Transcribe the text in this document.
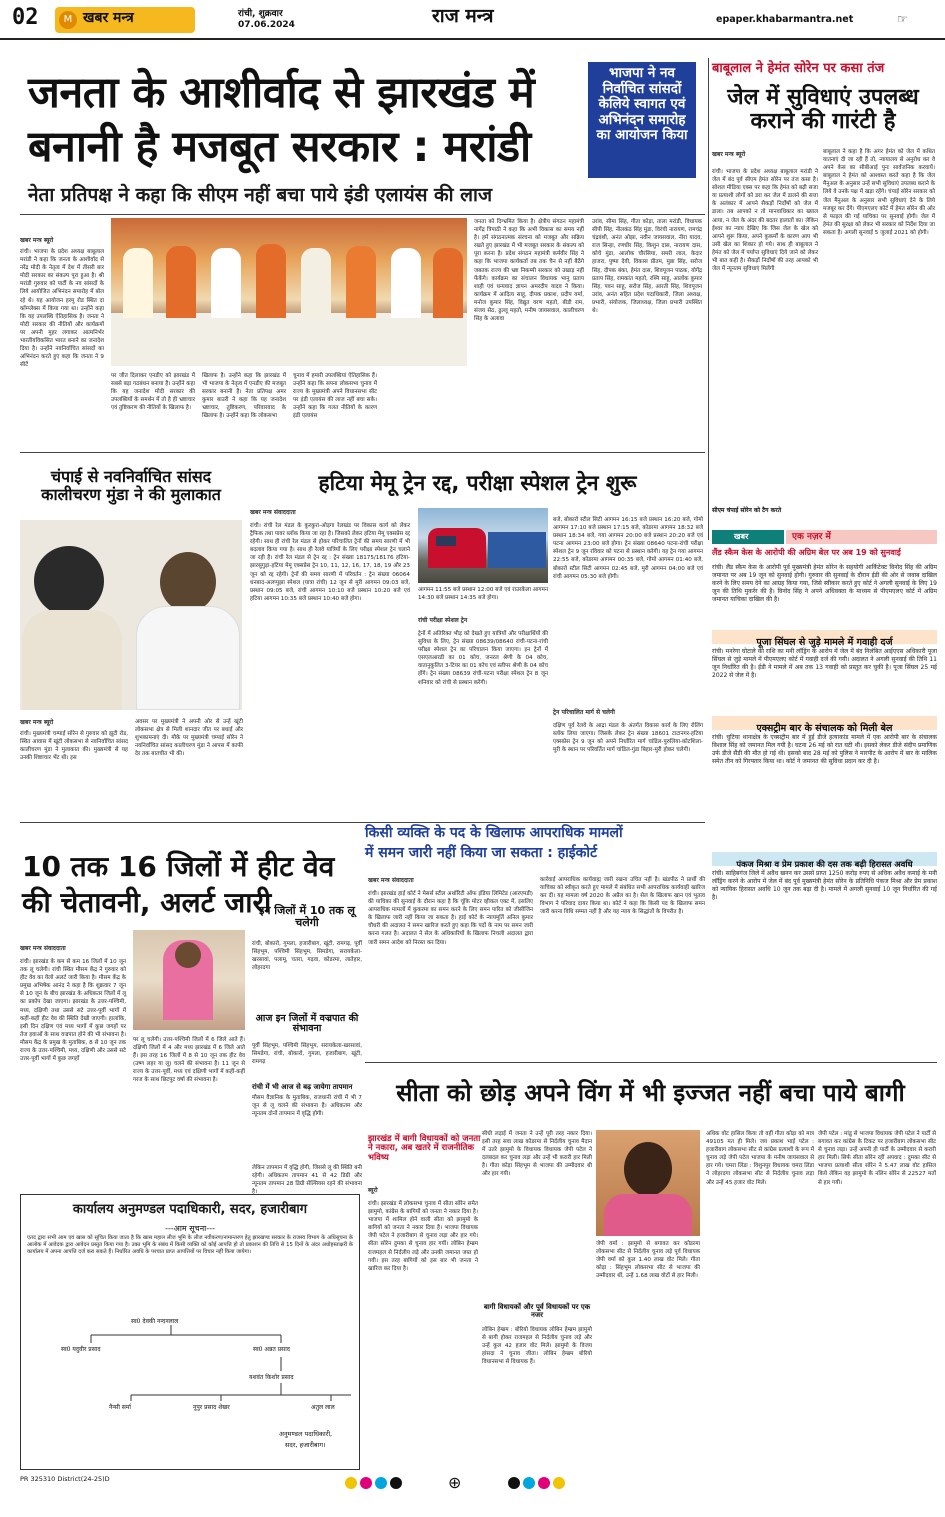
02	M खबर मन्त्र	रांची, शुक्रवार
07.06.2024	राज मन्त्र	epaper.khabarmantra.net	☞
जनता के आशीर्वाद से झारखंड में
बनानी है मजबूत सरकार : मरांडी
भाजपा ने नव निर्वाचित सांसदों केलिये स्वागत एवं अभिनंदन समारोह का आयोजन किया
नेता प्रतिपक्ष ने कहा कि सीएम नहीं बचा पाये इंडी एलायंस की लाज
खबर मन्त्र ब्यूरो
रांची। भाजपा के प्रदेश अध्यक्ष बाबूलाल मरांडी ने कहा कि जनता के आशीर्वाद से नरेंद्र मोदी के नेतृत्व में देश में तीसरी बार मोदी सरकार का संकल्प पूरा हुआ है। श्री मरांडी गुरुवार को पार्टी के नव सांसदों के लिये आयोजित अभिनंदन समारोह में बोल रहे थे। यह आयोजन हरमू रोड स्थित दा कॉम्प्लेक्स में किया गया था। उन्होंने कहा कि यह उपलब्धि ऐतिहासिक है। जनता ने मोदी सरकार की नीतियों और कार्यक्रमों पर अपनी मुहर लगाकर आत्मनिर्भर भारतीयविकसित भारत बनाने का जनादेश दिया है। उन्होंने नवनिर्वाचित सांसदों का अभिनंदन करते हुए कहा कि जनता ने 9 सीटें
पर जीत दिलाकर एनडीए को झारखंड में सबसे बड़ा गठबंधन बनाया है। उन्होंने कहा कि यह जनादेश मोदी सरकार की उपलब्धियों के समर्थन में तो है ही भ्रष्टाचार एवं तुष्टिकरण की नीतियों के खिलाफ है।
खिलाफ है। उन्होंने कहा कि झारखंड में भी भाजपा के नेतृत्व में एनडीए की मजबूत सरकार बनानी है। नेता प्रतिपक्ष अमर कुमार बाउरी ने कहा कि यह जनादेश भ्रष्टाचार, तुष्टिकरण, परिवारवाद के खिलाफ है। उन्होंने कहा कि लोकसभा
चुनाव में हमारी उपलब्धियां ऐतिहासिक हैं। उन्होंने कहा कि सपना लोकसभा चुनाव में राज्य के मुख्यमंत्री अपने विधानसभा सीट पर इंडी एलायंस की लाज नहीं बचा सके। उन्होंने कहा कि गलत नीतियों के कारण इंडी एलायंस
जनता को दिग्भ्रमित किया है। क्षेत्रीय संगठन महामंत्री नागेंद्र त्रिपाठी ने कहा कि अभी विकास का समय नहीं है। हमें संगठनात्मक संरचना को मजबूत और सक्रिय रखते हुए झारखंड में भी मजबूत सरकार के संकल्प को पूरा करना है। प्रदेश संगठन महामंत्री कर्मवीर सिंह ने कहा कि भाजपा कार्यकर्ता तब तक चैन से नहीं बैठेंगे जबतक राज्य की भ्रष्ट निकम्मी सरकार को उखाड़ नहीं फेंकेंगे। कार्यक्रम का संचालन विधायक भानु प्रताप शाही एवं धन्यवाद ज्ञापन अमरदीप यादव ने किया। कार्यक्रम में आदित्य साहू, दीपक प्रकाश, प्रदीप वर्मा, मनोज कुमार सिंह, विद्युत वरण महतो, बीडी राम, संजय सेठ, ढुल्लू महतो, मनीष जायसवाल, कालीचरण सिंह के अलावा
उरांव, सीमा सिंह, गीता कोड़ा, ताला मरांडी, विधायक सीपी सिंह, नीलकंठ सिंह मुंडा, विरंची नारायण, रामचंद्र चंद्रवंशी, अनंत ओझा, नवीन जायसवाल, नीरा यादव, राज सिन्हा, रणधीर सिंह, किशुन दास, नारायण दास, कोचे मुंडा, आलोक चौरसिया, समरी लाल, केदार हाजरा, पुष्पा देवी, विकास प्रीतम, मुन्ना सिंह, सरोज सिंह, दीपक बंका, हेमंत दास, शिवपूजन पाठक, योगेंद्र प्रताप सिंह, रामकांत महतो, रश्मि साहू, आलोक कुमार सिंह, पवन साहू, सरोज सिंह, आरती सिंह, शिवपूजन उरांव, अनंत सहित प्रदेश पदाधिकारी, जिला अध्यक्ष, प्रभारी, संयोजक, जिलाध्यक्ष, जिला प्रभारी उपस्थित थे।
बाबूलाल ने हेमंत सोरेन पर कसा तंज
जेल में सुविधाएं उपलब्ध कराने की गारंटी है
खबर मन्त्र ब्यूरो
रांची। भाजपा के प्रदेश अध्यक्ष बाबूलाल मरांडी ने जेल में बंद पूर्व सीएम हेमंत सोरेन पर तंज कसा है। सोशल मीडिया एक्स पर कहा कि हेमंत को बढ़ी सजा या प्रत्याशी लोगों को डरा कर जेल में डालने की सत्ता के अलंकार में आपने सैकड़ों निर्दोषों को जेल में डाला। तब आपको न तो मानवाधिकार का ख्याल आया, न जेल के अंदर की बदतर हालातों का। लेकिन ईश्वर का न्याय देखिए कि जिस जेल के खेल को आपने शुरू किया, अपने कुकर्मों के कारण आप भी उसी खेल का शिकार हो गये। साथ ही बाबूलाल ने हेमंत को जेल में पर्याप्त सुविधाएं दिये जाने को लेकर भी बात कही है। सैकड़ों निर्दोषों की तरह आपको भी जेल में न्यूनतम सुविधाएं मिलेंगी
बाबूलाल ने कहा है कि अगर हेमंत को जेल में कथित यातनाएं दी जा रही हैं तो, न्यायालय से अनुरोध कर वे अपने केस का सीबीआई पुनः सार्वजनिक करवायें। बाबूलाल ने हेमंत को आश्वस्त करते कहा है कि जेल मैनुअल के अनुसार उन्हें सभी सुविधाएं उपलब्ध कराने के लिये वे उनके पक्ष में खड़ा रहेंगे। चंपाई सोरेन सरकार को जेल मैनुअल के अनुसार सभी सुविधाएं देने के लिये मजबूर कर देंगे। पीएमएलए कोर्ट में हेमंत सोरेन की ओर से फाइल की गई याचिका पर सुनवाई होगी। जेल में हेमंत की सुरक्षा को लेकर भी सरकार को निर्देश दिया जा सकता है। अगली सुनवाई 5 जुलाई 2021 को होगी।
सीएम चंपाई सोरेन को टैग करते
खबर	एक नज़र में
लैंड स्कैम केस के आरोपी की अग्रिम बेल पर अब 19 को सुनवाई
रांची। लैंड स्कैम केस के आरोपी पूर्व मुख्यमंत्री हेमंत सोरेन के सहयोगी आर्किटेक्ट विनोद सिंह की अग्रिम जमानत पर अब 19 जून को सुनवाई होगी। गुरुवार की सुनवाई के दौरान ईडी की ओर से जवाब दाखिल करने के लिए समय देने का आग्रह किया गया, जिसे स्वीकार करते हुए कोर्ट ने अगली सुनवाई के लिए 19 जून की तिथि मुकर्रर की है। विनोद सिंह ने अपने अधिवक्ता के माध्यम से पीएमएलए कोर्ट में अग्रिम जमानत याचिका दाखिल की है।
पूजा सिंघल से जुड़े मामले में गवाही दर्ज
रांची। मनरेगा घोटाले की राशि का मनी लॉड्रिंग के आरोप में जेल में बंद निलंबित आईएएस अधिकारी पूजा सिंघल से जुड़े मामले में पीएमएलए कोर्ट में गवाही दर्ज की गयी। अदालत ने अगली सुनवाई की तिथि 11 जून निर्धारित की है। ईडी ने मामले में अब तक 13 गवाही को प्रस्तुत कर चुकी है। पूजा सिंघल 25 मई 2022 से जेल में है।
एक्सट्रीम बार के संचालक को मिली बेल
रांची। चुटिया थानाक्षेत्र के एक्सट्रीम बार में हुई डीजे हत्याकांड मामले में एक आरोपी बार के संचालक विशाल सिंह को जमानत मिल गयी है। घटना 26 मई को रात घटी थी। इसको लेकर डीजे संदीप प्रमाणिक उर्फ डीजे सैंडी की मौत हो गई थी। इसको बाद 28 मई को पुलिस ने मारपीट के आरोप में बार के मालिक समेत तीन को गिरफ्तार किया था। कोर्ट ने जमानत की सुविधा प्रदान कर दी है।
पंकज मिश्रा व प्रेम प्रकाश की दस तक बढ़ी हिरासत अवधि
रांची। साहिबगंज जिले में अवैध खनन कर उससे प्राप्त 1250 करोड़ रुपए से अधिक अवैध कमाई के मनी लॉड्रिंग करने के आरोप में जेल में बंद पूर्व मुख्यमंत्री हेमंत सोरेन के प्रतिनिधि पंकज मिश्रा और प्रेम प्रकाश को न्यायिक हिरासत अवधि 10 जून तक बढ़ा दी है। मामले में अगली सुनवाई 10 जून निर्धारित की गई है।
चंपाई से नवनिर्वाचित सांसद कालीचरण मुंडा ने की मुलाकात
खबर मन्त्र ब्यूरो
रांची। मुख्यमंत्री चम्पाई सोरेन से गुरुवार को झूटी रोड, स्थित आवास में खूंटी लोकसभा से नवनिर्वाचित सांसद कालीचरण मुंडा ने मुलाकात की। मुख्यमंत्री से यह उनकी शिष्टाचार भेंट थी। इस
अवसर पर मुख्यमंत्री ने अपनी ओर से उन्हें खूंटी लोकसभा क्षेत्र से मिली शानदार जीत पर बधाई और शुभकामनाएं दी। मौके पर मुख्यमंत्री चम्पाई सोरेन ने नवनिर्वाचित सांसद कालीचरण मुंडा ने आपस में काफी देर तक बातचीत भी की।
हटिया मेमू ट्रेन रद्द, परीक्षा स्पेशल ट्रेन शुरू
खबर मन्त्र संवाददाता
रांची। रांची रेल मंडल के कुरकुरा-ओड़गा रेलखंड पर विकास कार्य को लेकर ट्रैफिक तथा पावर ब्लॉक किया जा रहा है। जिसको लेकर हटिया मेमू एक्सप्रेस रद्द रहेगी। साथ ही रांची रेल मंडल से होकर परिचालित ट्रेनों की समय सारणी में भी बदलाव किया गया है। साथ ही रेलवे यात्रियों के लिए परीक्षा स्पेशल ट्रेन चलाने जा रही है। रांची रेल मंडल से ट्रेन रद्द : ट्रेन संख्या 18175/18176 हटिया-झारसुगुड़ा-हटिया मेमू एक्सप्रेस ट्रेन 10, 11, 12, 16, 17, 18, 19 और 23 जून को रद्द रहेगी। ट्रेनों की समय सारणी में परिवर्तन : ट्रेन संख्या 06064 धनबाद-अलप्पुझा स्पेशल (यात्रा रांची) 12 जून से मुरी आगमन 09:03 बजे, प्रस्थान 09:05 बजे, रांची आगमन 10:10 बजे प्रस्थान 10:20 बजे एवं हटिया आगमन 10:35 बजे प्रस्थान 10:40 बजे होगा।
आगमन 11:55 बजे प्रस्थान 12:00 बजे एवं राउरकेला आगमन 14:30 बजे प्रस्थान 14:35 बजे होगा।
रांची परीक्षा स्पेशल ट्रेन
ट्रेनों में अतिरिक्त भीड़ को देखते हुए यात्रियों और परीक्षार्थियों की सुविधा के लिए, ट्रेन संख्या 08639/08640 रांची-पटना-रांची परीक्षा स्पेशल ट्रेन का परिचालन किया जाएगा। इन ट्रेनों में एसएलआरडी का 01 कोच, जनरल श्रेणी के 04 कोच, वातानुकूलित 3-टियर का 01 कोच एवं स्लीपर श्रेणी के 04 कोच होंगे। ट्रेन संख्या 08639 रांची-पटना परीक्षा स्पेशल ट्रेन 8 जून शनिवार को रांची से प्रस्थान करेगी।
बजे, बोकारो स्टील सिटी आगमन 16:15 बजे प्रस्थान 16:20 बजे, गोमो आगमन 17:10 बजे प्रस्थान 17:15 बजे, कोडरमा आगमन 18:32 बजे प्रस्थान 18:34 बजे, गया आगमन 20:00 बजे प्रस्थान 20:20 बजे एवं पटना आगमन 23:00 बजे होगा। ट्रेन संख्या 08640 पटना-रांची परीक्षा स्पेशल ट्रेन 9 जून रविवार को पटना से प्रस्थान करेगी। यह ट्रेन गया आगमन 22:55 बजे, कोडरमा आगमन 00:35 बजे, गोमो आगमन 01:40 बजे, बोकारो स्टील सिटी आगमन 02:45 बजे, मुरी आगमन 04:00 बजे एवं रांची आगमन 05:30 बजे होगी।
ट्रेन परिचालित मार्ग से चलेगी
दक्षिण पूर्व रेलवे के आद्रा मंडल के अंतर्गत विकास कार्य के लिए रोलिंग ब्लॉक लिया जाएगा। जिसके लेकर ट्रेन संख्या 18601 टाटानगर-हटिया एक्सप्रेस ट्रेन 9 जून को अपने निर्धारित मार्ग चांडिल-पुरुलिया-कोटशिला-मुरी के स्थान पर परिवर्तित मार्ग चांडिल-गुंडा बिहार-मुरी होकर चलेगी।
10 तक 16 जिलों में हीट वेव
की चेतावनी, अलर्ट जारी
खबर मन्त्र संवाददाता
रांची। झारखंड के कम से कम 16 जिलों में 10 जून तक लू चलेगी। रांची स्थित मौसम केंद्र ने गुरुवार को हीट वेव का येलो अलर्ट जारी किया है। मौसम केंद्र के प्रमुख अभिषेक आनंद ने कहा है कि शुक्रवार 7 जून से 10 जून के बीच झारखंड के अधिकतर जिलों में लू का प्रकोप देखा जाएगा। झारखंड के उत्तर-पश्चिमी, मध्य, दक्षिणी तथा उससे सटे उत्तर-पूर्वी भागों में कहीं-कहीं हीट वेव की स्थिति देखी जाएगी। हालांकि, इसी दिन दक्षिण एवं मध्य भागों में कुछ जगहों पर तेज हवाओं के साथ वज्रपात होने की भी संभावना है। मौसम केंद्र के प्रमुख के मुताबिक, 8 से 10 जून तक राज्य के उत्तर-पश्चिमी, मध्य, दक्षिणी और उससे सटे उत्तर-पूर्वी भागों में कुछ जगहों
पर लू चलेगी। उत्तर-पश्चिमी जिलों में 6 जिले आते हैं। दक्षिणी जिलों में 4 और मध्य झारखंड में 6 जिले आते हैं। इस तरह 16 जिलों में 8 से 10 जून तक हीट वेव (उष्ण लहर या लू) चलने की संभावना है। 11 जून से राज्य के उत्तर-पूर्वी, मध्य एवं दक्षिणी भागों में कहीं-कहीं गरज के साथ छिटपुट वर्षा की संभावना है।
इन जिलों में 10 तक लू चलेगी
रांची, बोकारो, गुमला, हजारीबाग, खूंटी, रामगढ़, पूर्वी सिंहभूम, पश्चिमी सिंहभूम, सिमडेगा, सरायकेला-खरसावां, पलामू, चतरा, गढ़वा, कोडरमा, लातेहार, लोहरदगा
आज इन जिलों में वज्रपात की संभावना
पूर्वी सिंहभूम, पश्चिमी सिंहभूम, सरायकेला-खरसावां, सिमडेगा, रांची, बोकारो, गुमला, हजारीबाग, खूंटी, रामगढ़
रांची में भी आज से बढ़ जायेगा तापमान
मौसम वैज्ञानिक के मुताबिक, राजधानी रांची में भी 7 जून से लू चलने की संभावना है। अधिकतम और न्यूनतम दोनों तापमान में वृद्धि होगी।
लेकिन तापमान में वृद्धि होगी, जिससे लू की स्थिति बनी रहेगी। अधिकतम तापमान 41 से 42 डिग्री और न्यूनतम तापमान 28 डिग्री सेल्सियस रहने की संभावना है।
किसी व्यक्ति के पद के खिलाफ आपराधिक मामलों
में समन जारी नहीं किया जा सकता : हाईकोर्ट
खबर मन्त्र संवाददाता
रांची। झारखंड हाई कोर्ट ने मेसर्स स्टील अथॉरिटी ऑफ इंडिया लिमिटेड (आरएमडी) की याचिका की सुनवाई के दौरान कहा है कि चूंकि मोटर व्हीकल एक्ट में, इसलिए आपराधिक मामलों में कुकरमा का समन करने के लिए समन पारित को जीसीजिन के खिलाफ जारी नहीं किया जा सकता है। हाई कोर्ट के न्यायमूर्ति अनिल कुमार चौधरी की अदालत ने समन खारिज करते हुए कहा कि पदों के नाम पर समन जारी करना गलत है। अदालत ने सेल के अधिकारियों के खिलाफ निचली अदालत द्वारा जारी समन आदेश को निरस्त कर दिया।
कार्रवाई आपराधिक कार्यवाह्म जारी रखना उचित नहीं है। खंडपीठ ने प्रार्थी की याचिका को स्वीकृत करते हुए मामले में संबंधित सभी आपराधिक कार्यवाही खारिज कर दी। यह मामला वर्ष 2020 के अप्रैल का है। सेल के खिलाफ खान एवं भूतत्व विभाग ने परिवाद दायर किया था। कोर्ट ने कहा कि किसी पद के खिलाफ समन जारी करना विधि सम्मत नहीं है और यह न्याय के सिद्धांतों के विपरीत है।
सीता को छोड़ अपने विंग में भी इज्जत नहीं बचा पाये बागी
झारखंड में बागी विधायकों को जनता ने नकारा, अब खतरे में राजनीतिक भविष्य
ब्यूरो
रांची। झारखंड में लोकसभा चुनाव में सीता सोरेन समेत झामुमो, कांग्रेस के बागियों को जनता ने नकार दिया है। भाजपा में शामिल होने वाली सीता को झामुमो के बागियों को जनता ने नकार दिया है। भाजपा विधायक जेपी पटेल ने हजारीबाग से चुनाव लड़ा और हार गये। सीता सोरेन दुमका से चुनाव हार गयीं। लोबिन हेम्ब्रम राजमहल से निर्दलीय लड़े और उनकी जमानत जब्त हो गयी। इस तरह बागियों को इस बार भी जनता ने खारिज कर दिया है।
सीधी लड़ाई में जनता ने उन्हें पूरी तरह नकार दिया। इसी तरह सवा लाख कोडरमा से निर्दलीय चुनाव मैदान में उतरे झामुमो के विधायक विधायक जेपी पटेल ने दलबदल कर चुनाव लड़ा और उन्हें भी करारी हार मिली है। गीता कोड़ा सिंहभूम से भाजपा की उम्मीदवार थी और हार गयी।
बागी विधायकों और पूर्व विधायकों पर एक नजर
लोबिन हेम्ब्रम : बोरियो विधायक लोबिन हेम्ब्रम झामुमो से बागी होकर राजमहल से निर्दलीय चुनाव लड़े और उन्हें कुल 42 हजार वोट मिले। झामुमो के विजय हांसदा ने चुनाव जीता। लोबिन हेम्ब्रम बोरियो विधानसभा से विधायक हैं।
जेपी वर्मा : झामुमो से बगावत कर कोडरमा लोकसभा सीट से निर्दलीय चुनाव लड़े पूर्व विधायक जेपी वर्मा को कुल 1.40 लाख वोट मिले। गीता कोड़ा : सिंहभूम लोकसभा सीट से भाजपा की उम्मीदवार थीं, उन्हें 1.68 लाख वोटों से हार मिली।
अधिक वोट हासिल किया तो वहीं गीता कोड़ा को मात्र 49105 मत ही मिले। जय प्रकाश भाई पटेल : हजारीबाग लोकसभा सीट से कांग्रेस प्रत्याशी के रूप में चुनाव लड़े जेपी पटेल भाजपा के मनीष जायसवाल से हार गये। चमरा लिंडा : विशुनपुर विधायक चमरा लिंडा ने लोहरदगा लोकसभा सीट से निर्दलीय चुनाव लड़ा और उन्हें 45 हजार वोट मिले।
जेपी पटेल : मांडू से भाजपा विधायक जेपी पटेल ने पार्टी से बगावत कर कांग्रेस के टिकट पर हजारीबाग लोकसभा सीट से चुनाव लड़ा। उन्हें अपनी ही पार्टी के उम्मीदवार से करारी हार मिली। सिर्फ सीता सोरेन रहीं अपवाद : दुमका सीट से भाजपा प्रत्याशी सीता सोरेन ने 5.47 लाख वोट हासिल किये लेकिन वह झामुमो के नलिन सोरेन से 22527 मतों से हार गयी।
कार्यालय अनुमण्डल पदाधिकारी, सदर, हजारीबाग
---आम सूचना---
एतद द्वारा सभी आम एवं खास को सूचित किया जाता है कि खास महाल लीज भूमि के लीज नवीकरण/नामान्तरण हेतु झारखण्ड सरकार के राजस्व विभाग के अधिसूचना के आलोक में आवेदक द्वारा आवेदन प्रस्तुत किया गया है। उक्त भूमि के संबंध में किसी व्यक्ति को कोई आपत्ति हो तो प्रकाशन की तिथि से 15 दिनों के अंदर अधोहस्ताक्षरी के कार्यालय में अपना आपत्ति दर्ज करा सकते हैं। निर्धारित अवधि के पश्चात प्राप्त आपत्तियों पर विचार नहीं किया जायेगा।
स्व0 देवकी नन्दनलाल
स्व0 यदुवीर प्रसाद	स्व0 अन्नत प्रसाद
यशवंत किशोर प्रसाद
नैन्सी सर्मा	नूपुर प्रसाद शेखर	अतुल लाल
अनुमण्डल पदाधिकारी,
सदर, हजारीबाग।
PR 325310 District(24-25)D	⊕
